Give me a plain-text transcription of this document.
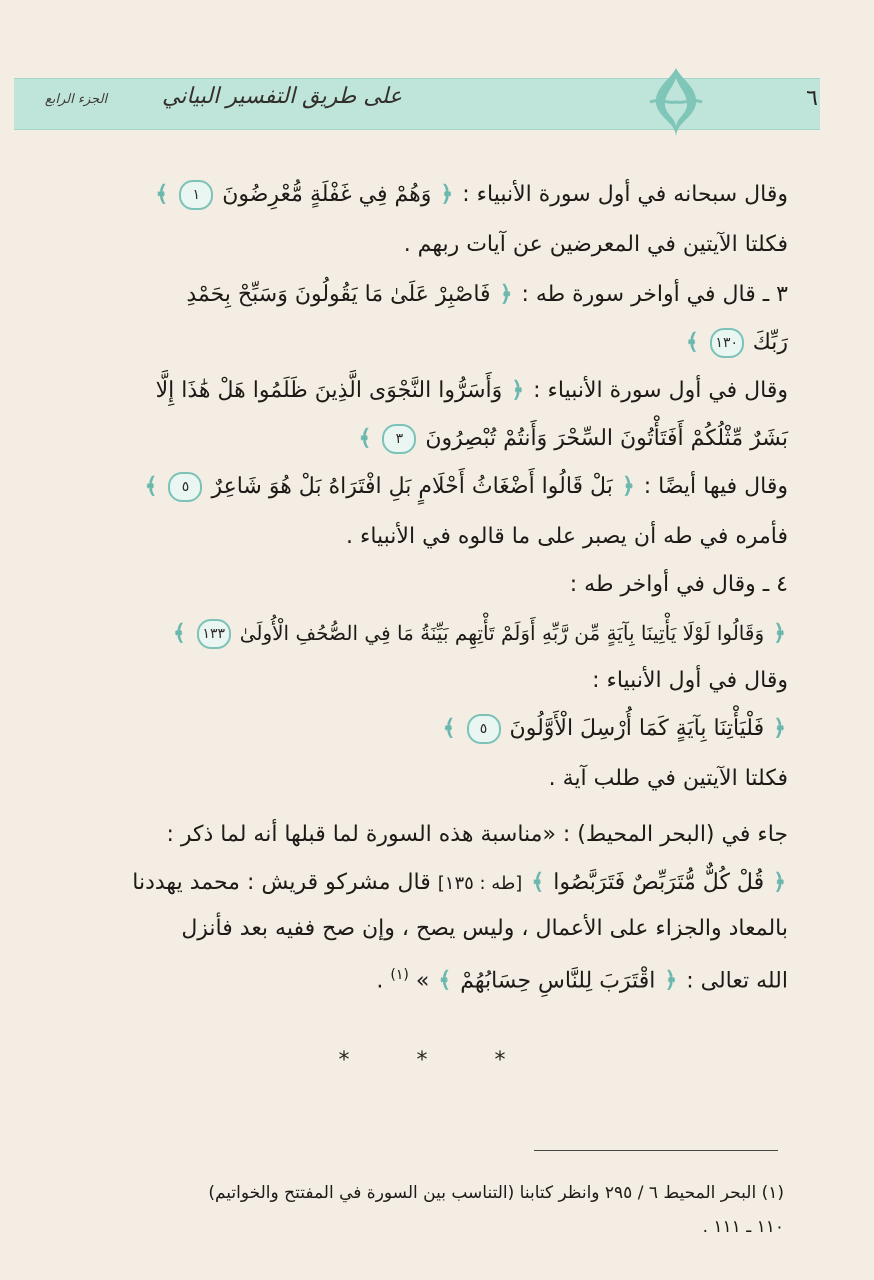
٦
على طريق التفسير البياني
الجزء الرابع
وقال سبحانه في أول سورة الأنبياء : ﴿ وَهُمْ فِي غَفْلَةٍ مُّعْرِضُونَ ١ ﴾
فكلتا الآيتين في المعرضين عن آيات ربهم .
٣ ـ قال في أواخر سورة طه : ﴿ فَاصْبِرْ عَلَىٰ مَا يَقُولُونَ وَسَبِّحْ بِحَمْدِ
رَبِّكَ ١٣٠ ﴾
وقال في أول سورة الأنبياء : ﴿ وَأَسَرُّوا النَّجْوَى الَّذِينَ ظَلَمُوا هَلْ هَٰذَا إِلَّا
بَشَرٌ مِّثْلُكُمْ أَفَتَأْتُونَ السِّحْرَ وَأَنتُمْ تُبْصِرُونَ ٣ ﴾
وقال فيها أيضًا : ﴿ بَلْ قَالُوا أَضْغَاثُ أَحْلَامٍ بَلِ افْتَرَاهُ بَلْ هُوَ شَاعِرٌ ٥ ﴾
فأمره في طه أن يصبر على ما قالوه في الأنبياء .
٤ ـ وقال في أواخر طه :
﴿ وَقَالُوا لَوْلَا يَأْتِينَا بِآيَةٍ مِّن رَّبِّهِ أَوَلَمْ تَأْتِهِم بَيِّنَةُ مَا فِي الصُّحُفِ الْأُولَىٰ ١٣٣ ﴾
وقال في أول الأنبياء :
﴿ فَلْيَأْتِنَا بِآيَةٍ كَمَا أُرْسِلَ الْأَوَّلُونَ ٥ ﴾
فكلتا الآيتين في طلب آية .
جاء في (البحر المحيط) : «مناسبة هذه السورة لما قبلها أنه لما ذكر :
﴿ قُلْ كُلٌّ مُّتَرَبِّصٌ فَتَرَبَّصُوا ﴾ [طه : ١٣٥] قال مشركو قريش : محمد يهددنا
بالمعاد والجزاء على الأعمال ، وليس يصح ، وإن صح ففيه بعد فأنزل
الله تعالى : ﴿ اقْتَرَبَ لِلنَّاسِ حِسَابُهُمْ ﴾ » $^{(١)}$ .
* * *
(١) البحر المحيط ٦ / ٢٩٥ وانظر كتابنا (التناسب بين السورة في المفتتح والخواتيم)
١١٠ ـ ١١١ .
